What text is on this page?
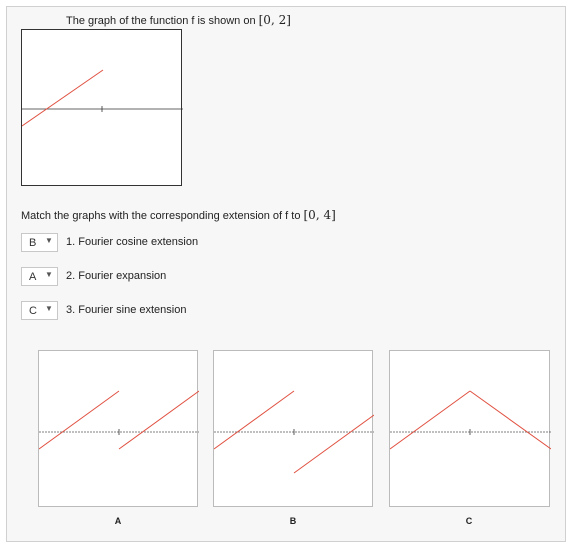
The graph of the function f is shown on [0, 2]
Match the graphs with the corresponding extension of f to [0, 4]
B ▼ 1. Fourier cosine extension
A ▼ 2. Fourier expansion
C ▼ 3. Fourier sine extension
A	B	C
